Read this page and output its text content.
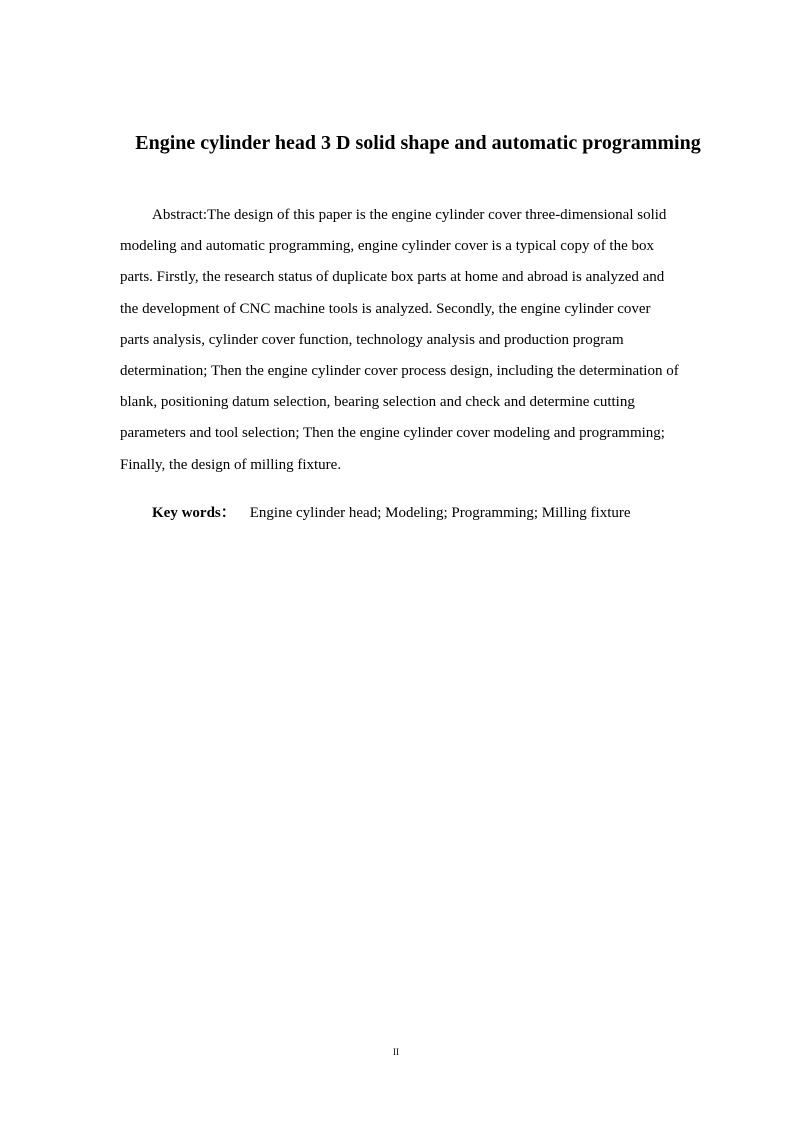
Engine cylinder head 3 D solid shape and automatic programming

Abstract:The design of this paper is the engine cylinder cover three-dimensional solid modeling and automatic programming, engine cylinder cover is a typical copy of the box parts. Firstly, the research status of duplicate box parts at home and abroad is analyzed and the development of CNC machine tools is analyzed. Secondly, the engine cylinder cover parts analysis, cylinder cover function, technology analysis and production program determination; Then the engine cylinder cover process design, including the determination of blank, positioning datum selection, bearing selection and check and determine cutting parameters and tool selection; Then the engine cylinder cover modeling and programming; Finally, the design of milling fixture.

Key words： Engine cylinder head; Modeling; Programming; Milling fixture

II
